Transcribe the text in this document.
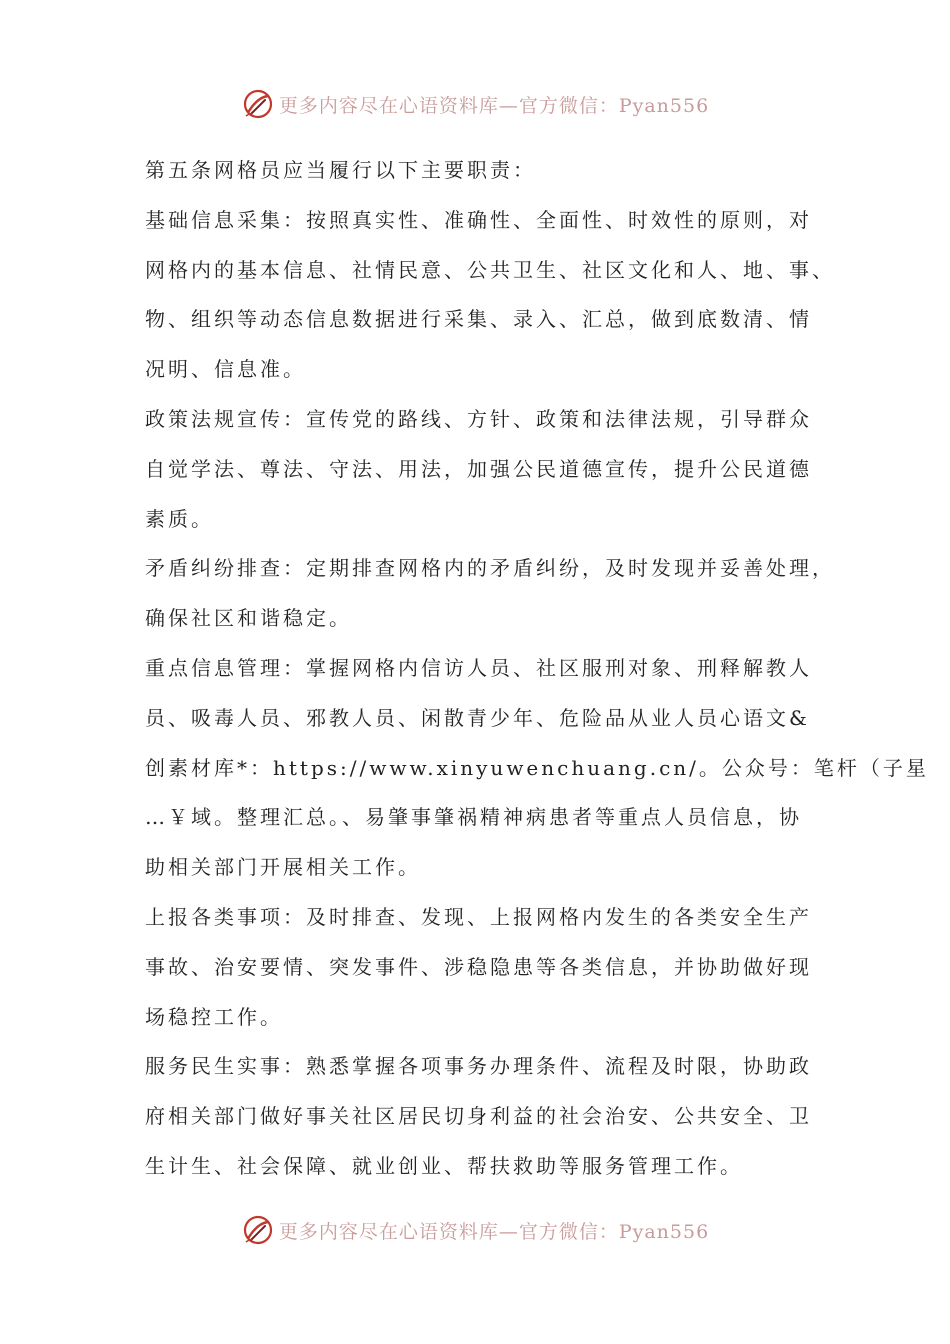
更多内容尽在心语资料库—官方微信：Pyan556
第五条网格员应当履行以下主要职责：
基础信息采集：按照真实性、准确性、全面性、时效性的原则，对
网格内的基本信息、社情民意、公共卫生、社区文化和人、地、事、
物、组织等动态信息数据进行采集、录入、汇总，做到底数清、情
况明、信息准。
政策法规宣传：宣传党的路线、方针、政策和法律法规，引导群众
自觉学法、尊法、守法、用法，加强公民道德宣传，提升公民道德
素质。
矛盾纠纷排查：定期排查网格内的矛盾纠纷，及时发现并妥善处理，
确保社区和谐稳定。
重点信息管理：掌握网格内信访人员、社区服刑对象、刑释解教人
员、吸毒人员、邪教人员、闲散青少年、危险品从业人员心语文&
创素材库*：https://www.xinyuwenchuang.cn/。公众号：笔杆（子星
…￥域。整理汇总。、易肇事肇祸精神病患者等重点人员信息，协
助相关部门开展相关工作。
上报各类事项：及时排查、发现、上报网格内发生的各类安全生产
事故、治安要情、突发事件、涉稳隐患等各类信息，并协助做好现
场稳控工作。
服务民生实事：熟悉掌握各项事务办理条件、流程及时限，协助政
府相关部门做好事关社区居民切身利益的社会治安、公共安全、卫
生计生、社会保障、就业创业、帮扶救助等服务管理工作。
更多内容尽在心语资料库—官方微信：Pyan556
